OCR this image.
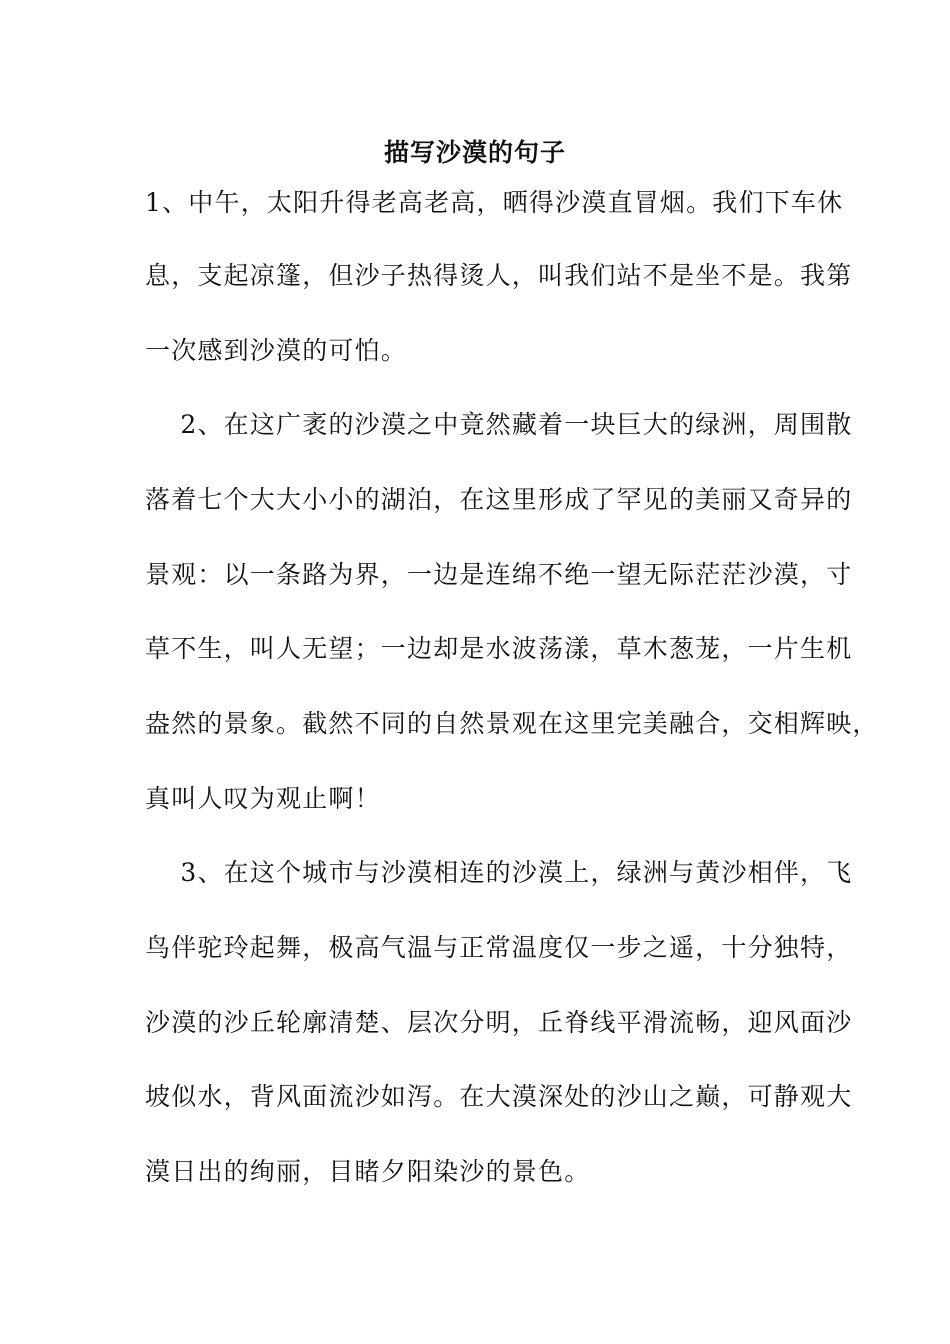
描写沙漠的句子
1、中午，太阳升得老高老高，晒得沙漠直冒烟。我们下车休
息，支起凉篷，但沙子热得烫人，叫我们站不是坐不是。我第
一次感到沙漠的可怕。
　 2、在这广袤的沙漠之中竟然藏着一块巨大的绿洲，周围散
落着七个大大小小的湖泊，在这里形成了罕见的美丽又奇异的
景观：以一条路为界，一边是连绵不绝一望无际茫茫沙漠，寸
草不生，叫人无望；一边却是水波荡漾，草木葱茏，一片生机
盎然的景象。截然不同的自然景观在这里完美融合，交相辉映，
真叫人叹为观止啊！
　 3、在这个城市与沙漠相连的沙漠上，绿洲与黄沙相伴，飞
鸟伴驼玲起舞，极高气温与正常温度仅一步之遥，十分独特，
沙漠的沙丘轮廓清楚、层次分明，丘脊线平滑流畅，迎风面沙
坡似水，背风面流沙如泻。在大漠深处的沙山之巅，可静观大
漠日出的绚丽，目睹夕阳染沙的景色。
